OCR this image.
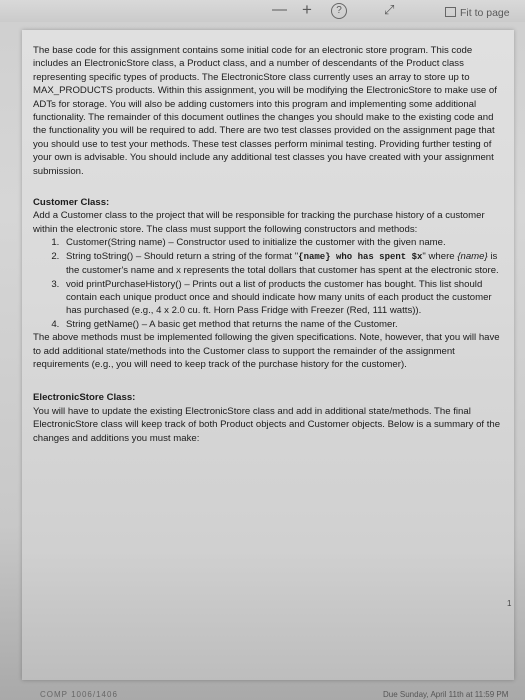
— +	?	⤢	Fit to page

The base code for this assignment contains some initial code for an electronic store program. This code includes an ElectronicStore class, a Product class, and a number of descendants of the Product class representing specific types of products. The ElectronicStore class currently uses an array to store up to MAX_PRODUCTS products. Within this assignment, you will be modifying the ElectronicStore to make use of ADTs for storage. You will also be adding customers into this program and implementing some additional functionality. The remainder of this document outlines the changes you should make to the existing code and the functionality you will be required to add. There are two test classes provided on the assignment page that you should use to test your methods. These test classes perform minimal testing. Providing further testing of your own is advisable. You should include any additional test classes you have created with your assignment submission.

Customer Class:

Add a Customer class to the project that will be responsible for tracking the purchase history of a customer within the electronic store. The class must support the following constructors and methods:

1. Customer(String name) – Constructor used to initialize the customer with the given name.
2. String toString() – Should return a string of the format "{name} who has spent $x" where {name} is the customer's name and x represents the total dollars that customer has spent at the electronic store.
3. void printPurchaseHistory() – Prints out a list of products the customer has bought. This list should contain each unique product once and should indicate how many units of each product the customer has purchased (e.g., 4 x 2.0 cu. ft. Horn Pass Fridge with Freezer (Red, 111 watts)).
4. String getName() – A basic get method that returns the name of the Customer.

The above methods must be implemented following the given specifications. Note, however, that you will have to add additional state/methods into the Customer class to support the remainder of the assignment requirements (e.g., you will need to keep track of the purchase history for the customer).

ElectronicStore Class:

You will have to update the existing ElectronicStore class and add in additional state/methods. The final ElectronicStore class will keep track of both Product objects and Customer objects. Below is a summary of the changes and additions you must make:

1
COMP 1006/1406	Due Sunday, April 11th at 11:59 PM
